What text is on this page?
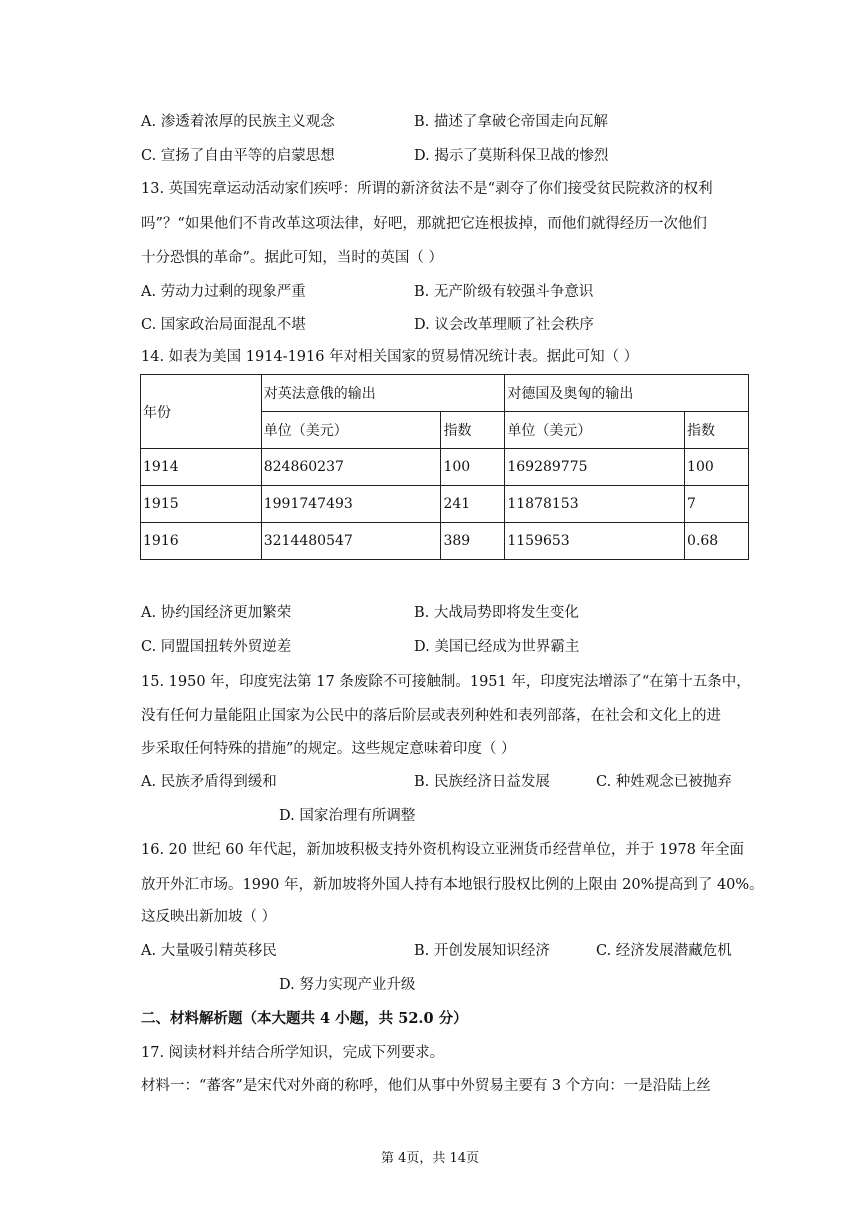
A. 渗透着浓厚的民族主义观念	B. 描述了拿破仑帝国走向瓦解
C. 宣扬了自由平等的启蒙思想	D. 揭示了莫斯科保卫战的惨烈
13. 英国宪章运动活动家们疾呼：所谓的新济贫法不是“剥夺了你们接受贫民院救济的权利
吗”？“如果他们不肯改革这项法律，好吧，那就把它连根拔掉，而他们就得经历一次他们
十分恐惧的革命”。据此可知，当时的英国（ ）
A. 劳动力过剩的现象严重	B. 无产阶级有较强斗争意识
C. 国家政治局面混乱不堪	D. 议会改革理顺了社会秩序
14. 如表为美国 1914-1916 年对相关国家的贸易情况统计表。据此可知（ ）
年份	对英法意俄的输出		对德国及奥匈的输出	
	单位（美元）	指数	单位（美元）	指数
1914	824860237	100	169289775	100
1915	1991747493	241	11878153	7
1916	3214480547	389	1159653	0.68
A. 协约国经济更加繁荣	B. 大战局势即将发生变化
C. 同盟国扭转外贸逆差	D. 美国已经成为世界霸主
15. 1950 年，印度宪法第 17 条废除不可接触制。1951 年，印度宪法增添了“在第十五条中，
没有任何力量能阻止国家为公民中的落后阶层或表列种姓和表列部落，在社会和文化上的进
步采取任何特殊的措施”的规定。这些规定意味着印度（ ）
A. 民族矛盾得到缓和	B. 民族经济日益发展	C. 种姓观念已被抛弃
D. 国家治理有所调整
16. 20 世纪 60 年代起，新加坡积极支持外资机构设立亚洲货币经营单位，并于 1978 年全面
放开外汇市场。1990 年，新加坡将外国人持有本地银行股权比例的上限由 20%提高到了 40%。
这反映出新加坡（ ）
A. 大量吸引精英移民	B. 开创发展知识经济	C. 经济发展潜藏危机
D. 努力实现产业升级
二、材料解析题（本大题共 4 小题，共 52.0 分）
17. 阅读材料并结合所学知识，完成下列要求。
材料一：“蕃客”是宋代对外商的称呼，他们从事中外贸易主要有 3 个方向：一是沿陆上丝
第 4页，共 14页
